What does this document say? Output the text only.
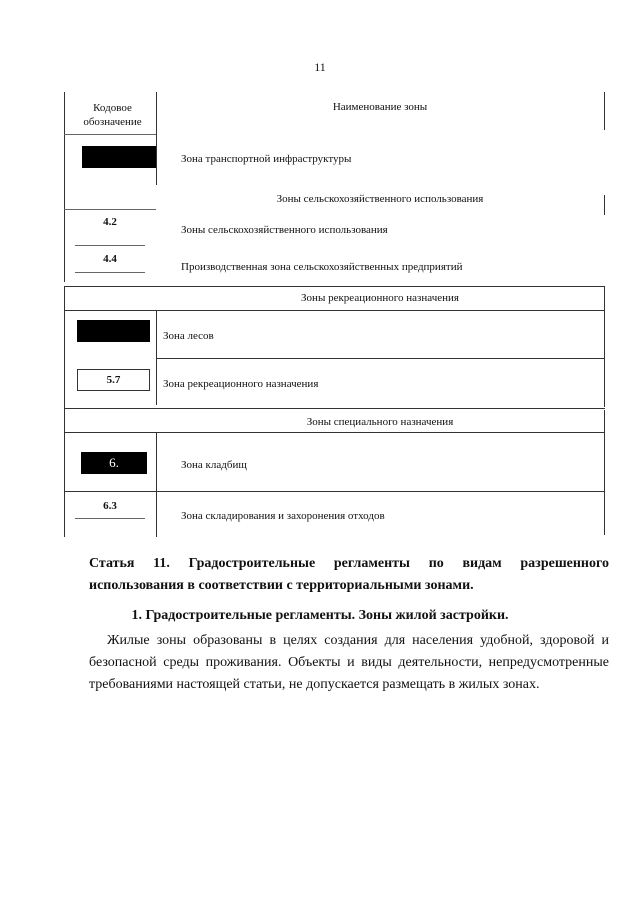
11
Кодовое обозначение
Наименование зоны
Зона транспортной инфраструктуры
Зоны сельскохозяйственного использования
4.2
Зоны сельскохозяйственного использования
4.4
Производственная зона сельскохозяйственных предприятий
Зоны рекреационного назначения
Зона лесов
5.7	Зона рекреационного назначения
Зоны специального назначения
6.	Зона кладбищ
6.3
Зона складирования и захоронения отходов
Статья 11. Градостроительные регламенты по видам разрешенного использования в соответствии с территориальными зонами.
1. Градостроительные регламенты. Зоны жилой застройки.
Жилые зоны образованы в целях создания для населения удобной, здоровой и безопасной среды проживания. Объекты и виды деятельности, непредусмотренные требованиями настоящей статьи, не допускается размещать в жилых зонах.
